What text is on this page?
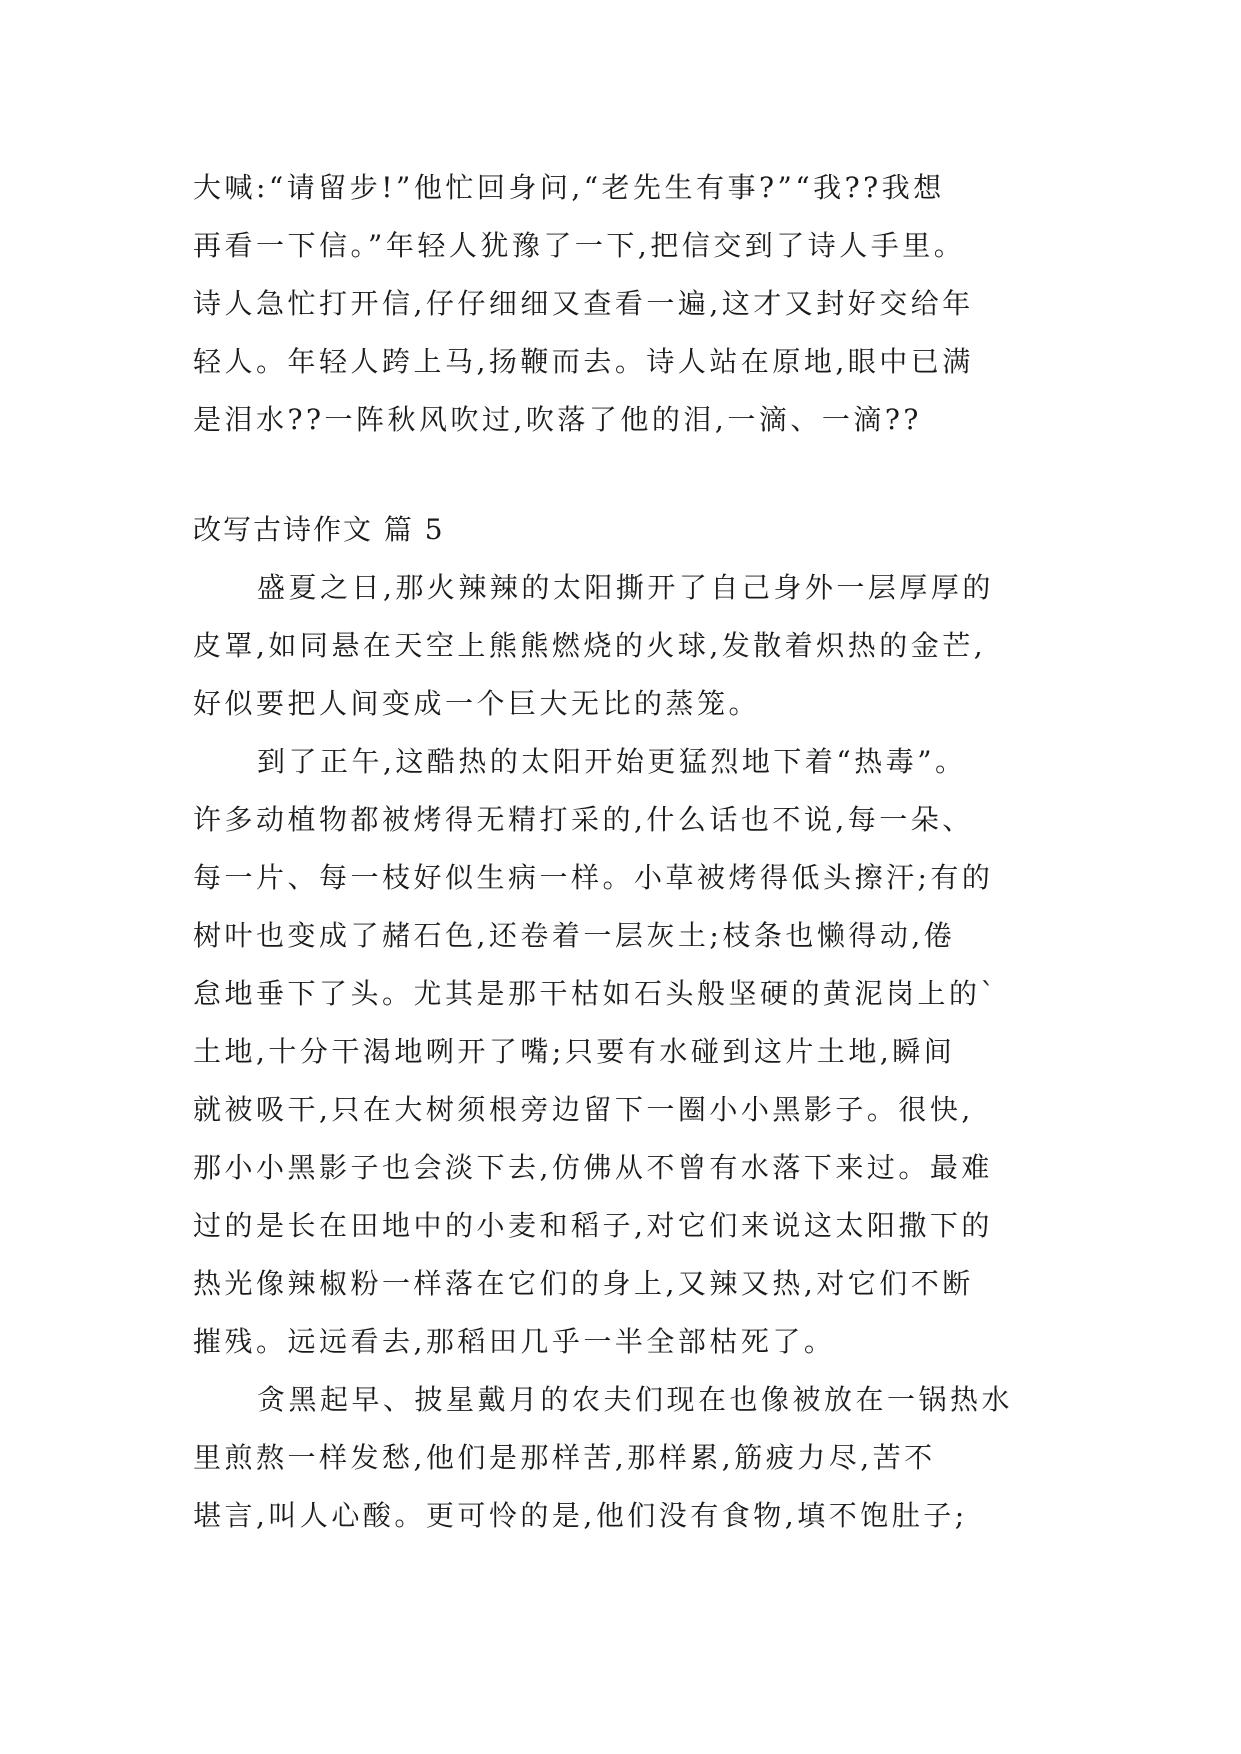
大喊:“请留步!”他忙回身问,“老先生有事?”“我??我想
再看一下信。”年轻人犹豫了一下,把信交到了诗人手里。
诗人急忙打开信,仔仔细细又查看一遍,这才又封好交给年
轻人。年轻人跨上马,扬鞭而去。诗人站在原地,眼中已满
是泪水??一阵秋风吹过,吹落了他的泪,一滴、一滴??
改写古诗作文 篇 5
盛夏之日,那火辣辣的太阳撕开了自己身外一层厚厚的
皮罩,如同悬在天空上熊熊燃烧的火球,发散着炽热的金芒,
好似要把人间变成一个巨大无比的蒸笼。
到了正午,这酷热的太阳开始更猛烈地下着“热毒”。
许多动植物都被烤得无精打采的,什么话也不说,每一朵、
每一片、每一枝好似生病一样。小草被烤得低头擦汗;有的
树叶也变成了赭石色,还卷着一层灰土;枝条也懒得动,倦
怠地垂下了头。尤其是那干枯如石头般坚硬的黄泥岗上的`
土地,十分干渴地咧开了嘴;只要有水碰到这片土地,瞬间
就被吸干,只在大树须根旁边留下一圈小小黑影子。很快,
那小小黑影子也会淡下去,仿佛从不曾有水落下来过。最难
过的是长在田地中的小麦和稻子,对它们来说这太阳撒下的
热光像辣椒粉一样落在它们的身上,又辣又热,对它们不断
摧残。远远看去,那稻田几乎一半全部枯死了。
贪黑起早、披星戴月的农夫们现在也像被放在一锅热水
里煎熬一样发愁,他们是那样苦,那样累,筋疲力尽,苦不
堪言,叫人心酸。更可怜的是,他们没有食物,填不饱肚子;
